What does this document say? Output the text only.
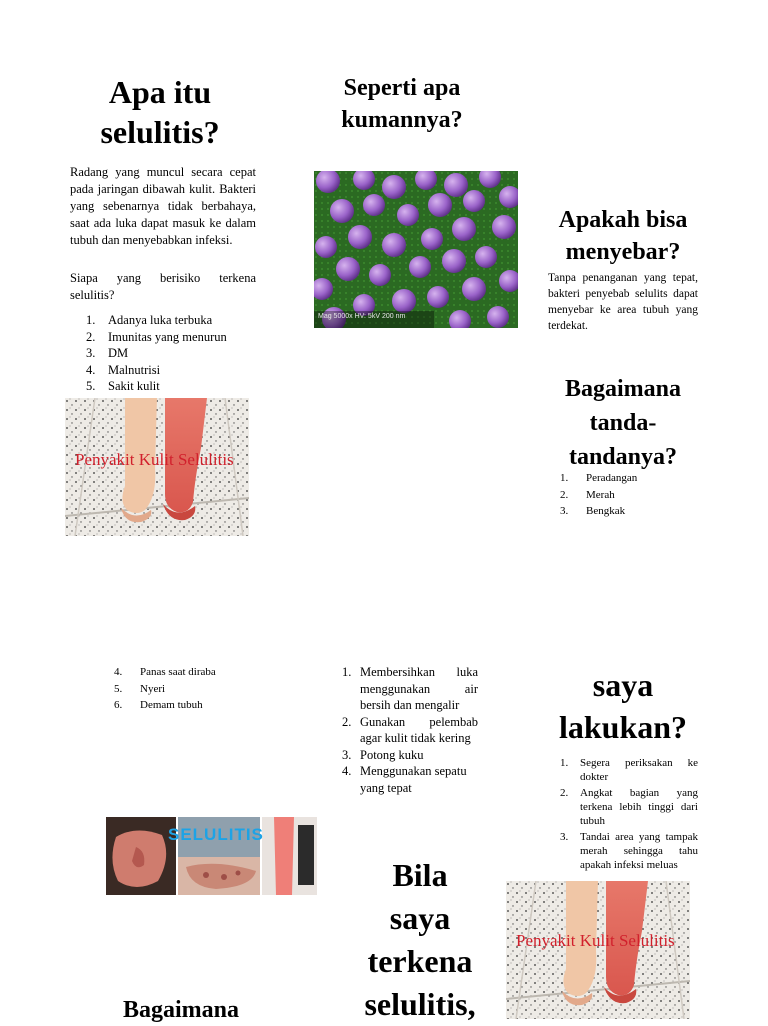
Apa itu
selulitis?

Radang yang muncul secara cepat pada jaringan dibawah kulit. Bakteri yang sebenarnya tidak berbahaya, saat ada luka dapat masuk ke dalam tubuh dan menyebabkan infeksi.

Siapa yang berisiko terkena selulitis?

1.	Adanya luka terbuka
2.	Imunitas yang menurun
3.	DM
4.	Malnutrisi
5.	Sakit kulit
Penyakit Kulit Selulitis
Seperti apa
kumannya?
Mag 5000x HV: 5kV 200 nm
Apakah bisa
menyebar?

Tanpa penanganan yang tepat, bakteri penyebab selulits dapat menyebar ke area tubuh yang terdekat.

Bagaimana
tanda-
tandanya?
1.	Peradangan
2.	Merah
3.	Bengkak
4.	Panas saat diraba
5.	Nyeri
6.	Demam tubuh
SELULITIS
Bagaimana
1. Membersihkan luka menggunakan air bersih dan mengalir
2. Gunakan pelembab agar kulit tidak kering
3. Potong kuku
4. Menggunakan sepatu yang tepat
Bila
saya
terkena
selulitis,
saya
lakukan?
1.	Segera periksakan ke dokter
2.	Angkat bagian yang terkena lebih tinggi dari tubuh
3.	Tandai area yang tampak merah sehingga tahu apakah infeksi meluas
Penyakit Kulit Selulitis
